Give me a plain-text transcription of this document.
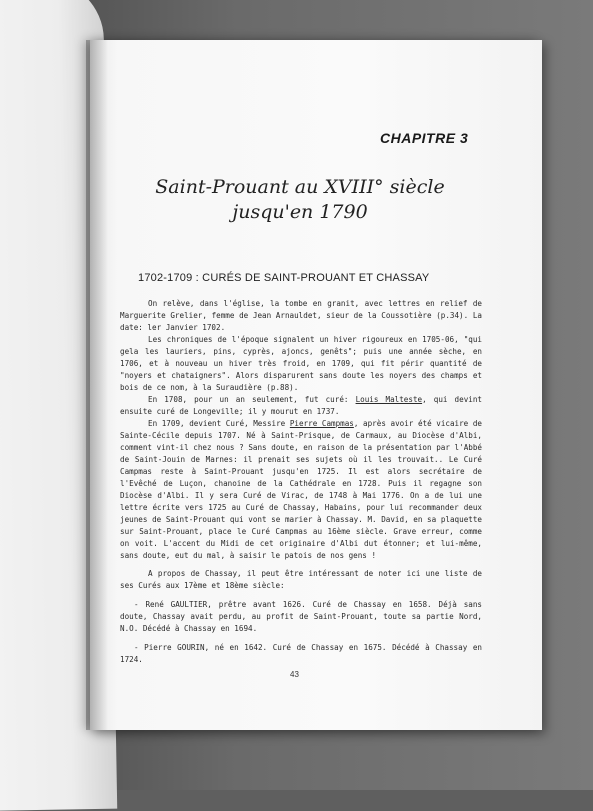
CHAPITRE 3
Saint-Prouant au XVIII° siècle
jusqu'en 1790
1702-1709 : CURÉS DE SAINT-PROUANT ET CHASSAY

On relève, dans l'église, la tombe en granit, avec lettres en relief de Marguerite Grelier, femme de Jean Arnauldet, sieur de la Coussotière (p.34). La date: ler Janvier 1702.

Les chroniques de l'époque signalent un hiver rigoureux en 1705-06, "qui gela les lauriers, pins, cyprès, ajoncs, genêts"; puis une année sèche, en 1706, et à nouveau un hiver très froid, en 1709, qui fit périr quantité de "noyers et chataigners". Alors disparurent sans doute les noyers des champs et bois de ce nom, à la Suraudière (p.88).

En 1708, pour un an seulement, fut curé: Louis Malteste, qui devint ensuite curé de Longeville; il y mourut en 1737.

En 1709, devient Curé, Messire Pierre Campmas, après avoir été vicaire de Sainte-Cécile depuis 1707. Né à Saint-Prisque, de Carmaux, au Diocèse d'Albi, comment vint-il chez nous ? Sans doute, en raison de la présentation par l'Abbé de Saint-Jouin de Marnes: il prenait ses sujets où il les trouvait.. Le Curé Campmas reste à Saint-Prouant jusqu'en 1725. Il est alors secrétaire de l'Evêché de Luçon, chanoine de la Cathédrale en 1728. Puis il regagne son Diocèse d'Albi. Il y sera Curé de Virac, de 1748 à Mai 1776. On a de lui une lettre écrite vers 1725 au Curé de Chassay, Habains, pour lui recommander deux jeunes de Saint-Prouant qui vont se marier à Chassay. M. David, en sa plaquette sur Saint-Prouant, place le Curé Campmas au 16ème siècle. Grave erreur, comme on voit. L'accent du Midi de cet originaire d'Albi dut étonner; et lui-même, sans doute, eut du mal, à saisir le patois de nos gens !

A propos de Chassay, il peut être intéressant de noter ici une liste de ses Curés aux 17ème et 18ème siècle:

- René GAULTIER, prêtre avant 1626. Curé de Chassay en 1658. Déjà sans doute, Chassay avait perdu, au profit de Saint-Prouant, toute sa partie Nord, N.O. Décédé à Chassay en 1694.

- Pierre GOURIN, né en 1642. Curé de Chassay en 1675. Décédé à Chassay en 1724.

43
